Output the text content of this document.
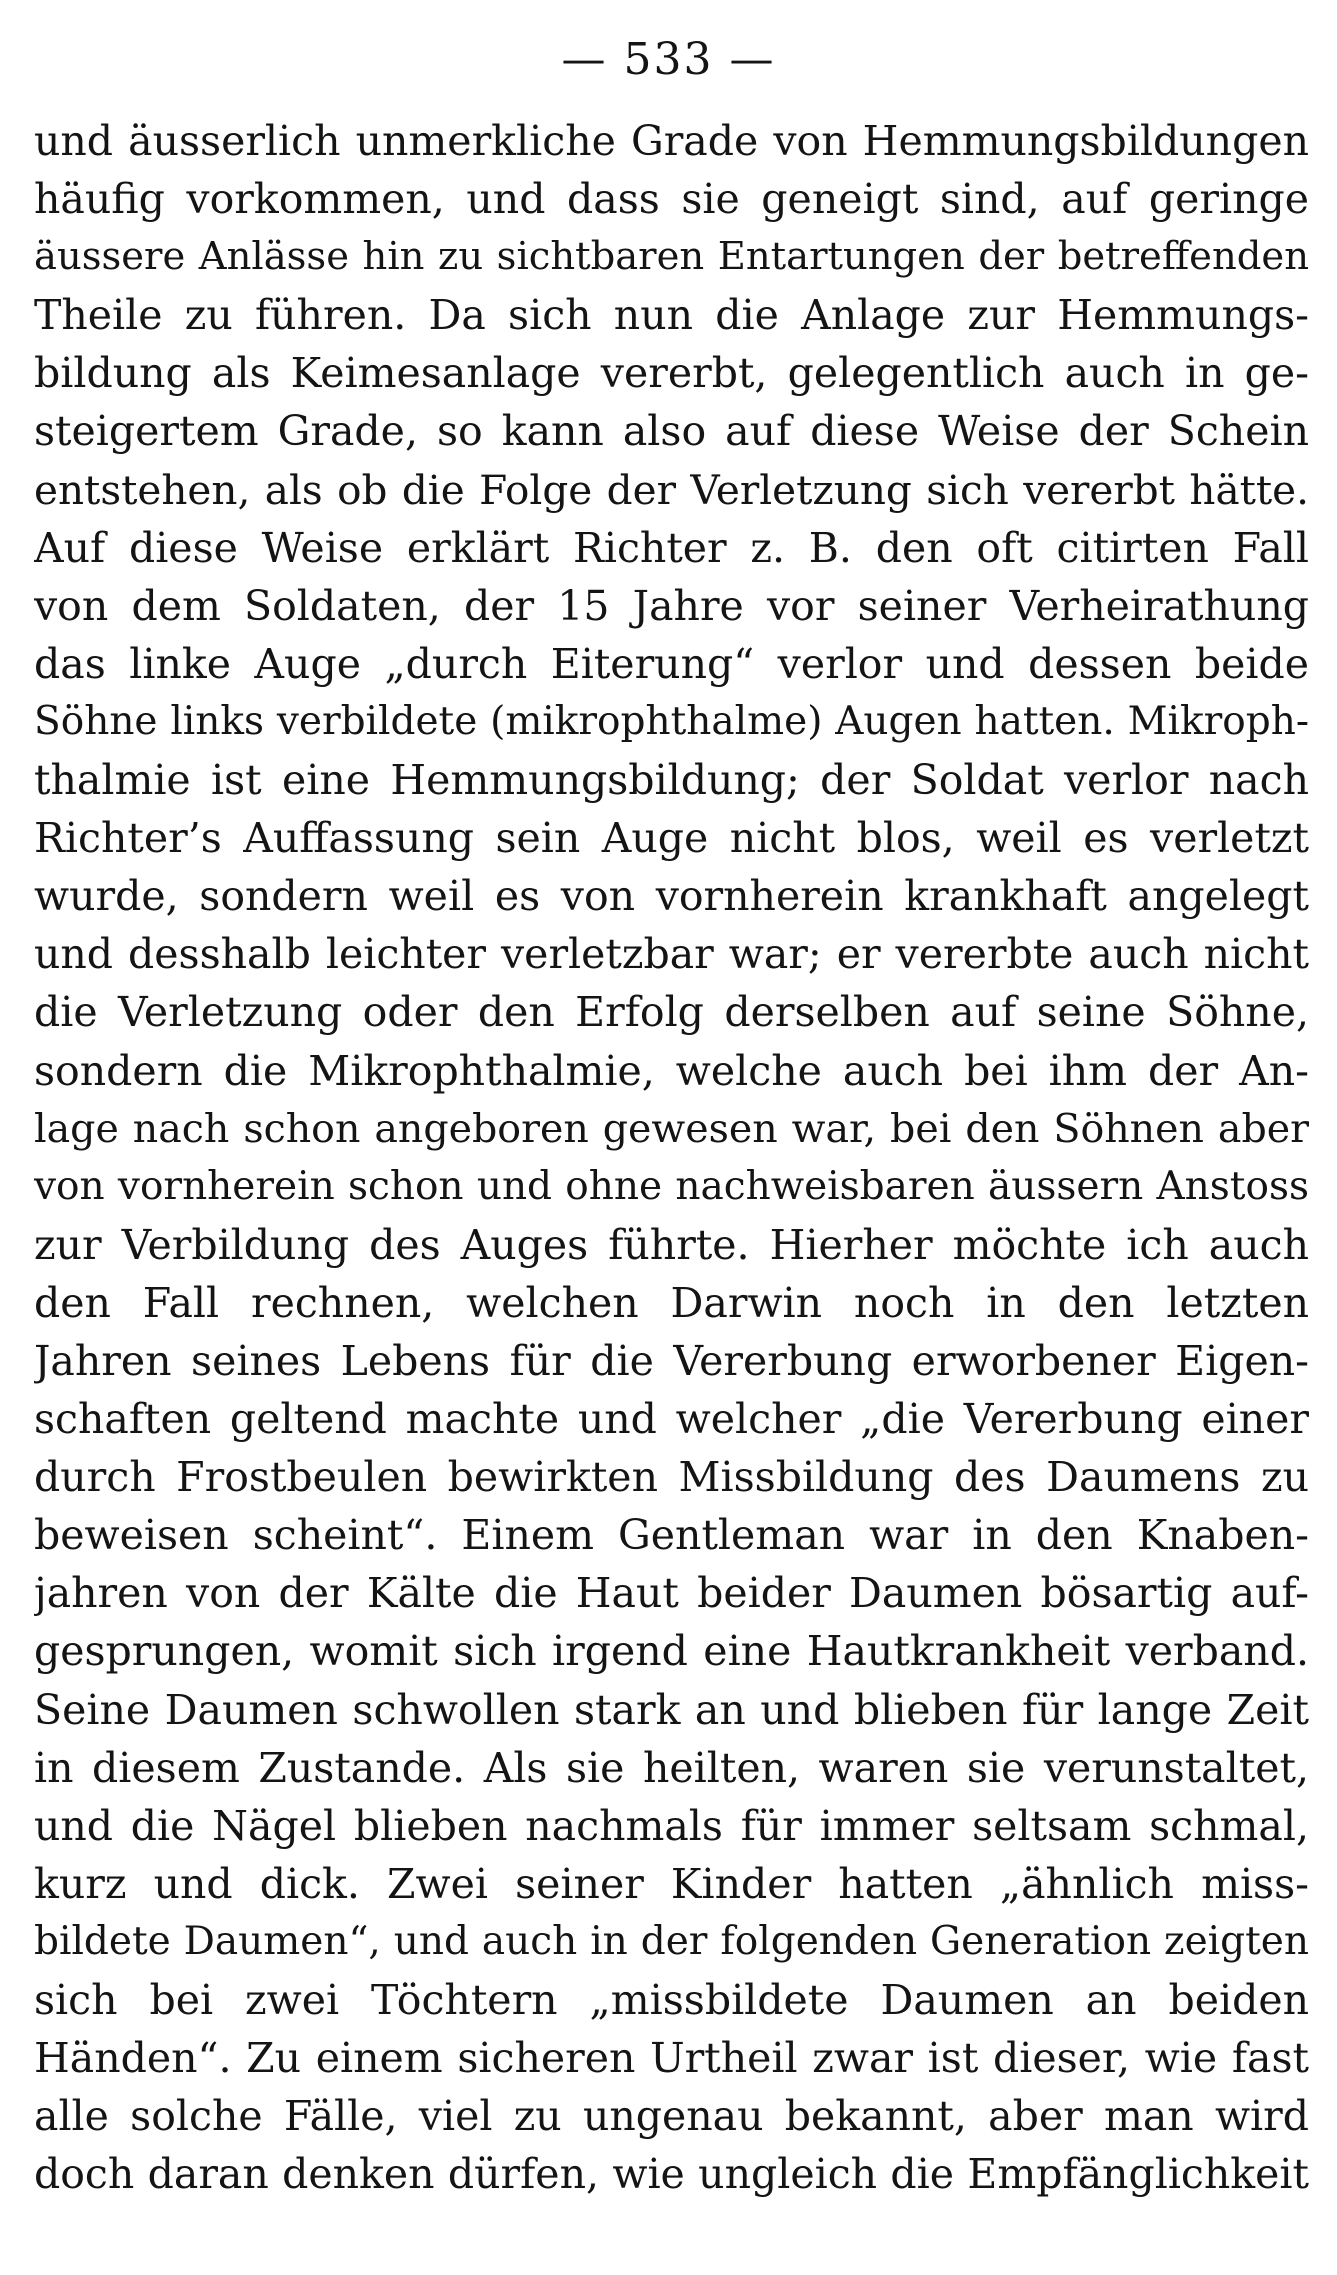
— 533 —
und äusserlich unmerkliche Grade von Hemmungsbildungen
häufig vorkommen, und dass sie geneigt sind, auf geringe
äussere Anlässe hin zu sichtbaren Entartungen der betreffenden
Theile zu führen. Da sich nun die Anlage zur Hemmungs-
bildung als Keimesanlage vererbt, gelegentlich auch in ge-
steigertem Grade, so kann also auf diese Weise der Schein
entstehen, als ob die Folge der Verletzung sich vererbt hätte.
Auf diese Weise erklärt Richter z. B. den oft citirten Fall
von dem Soldaten, der 15 Jahre vor seiner Verheirathung
das linke Auge „durch Eiterung“ verlor und dessen beide
Söhne links verbildete (mikrophthalme) Augen hatten. Mikroph-
thalmie ist eine Hemmungsbildung; der Soldat verlor nach
Richter’s Auffassung sein Auge nicht blos, weil es verletzt
wurde, sondern weil es von vornherein krankhaft angelegt
und desshalb leichter verletzbar war; er vererbte auch nicht
die Verletzung oder den Erfolg derselben auf seine Söhne,
sondern die Mikrophthalmie, welche auch bei ihm der An-
lage nach schon angeboren gewesen war, bei den Söhnen aber
von vornherein schon und ohne nachweisbaren äussern Anstoss
zur Verbildung des Auges führte. Hierher möchte ich auch
den Fall rechnen, welchen Darwin noch in den letzten
Jahren seines Lebens für die Vererbung erworbener Eigen-
schaften geltend machte und welcher „die Vererbung einer
durch Frostbeulen bewirkten Missbildung des Daumens zu
beweisen scheint“. Einem Gentleman war in den Knaben-
jahren von der Kälte die Haut beider Daumen bösartig auf-
gesprungen, womit sich irgend eine Hautkrankheit verband.
Seine Daumen schwollen stark an und blieben für lange Zeit
in diesem Zustande. Als sie heilten, waren sie verunstaltet,
und die Nägel blieben nachmals für immer seltsam schmal,
kurz und dick. Zwei seiner Kinder hatten „ähnlich miss-
bildete Daumen“, und auch in der folgenden Generation zeigten
sich bei zwei Töchtern „missbildete Daumen an beiden
Händen“. Zu einem sicheren Urtheil zwar ist dieser, wie fast
alle solche Fälle, viel zu ungenau bekannt, aber man wird
doch daran denken dürfen, wie ungleich die Empfänglichkeit
